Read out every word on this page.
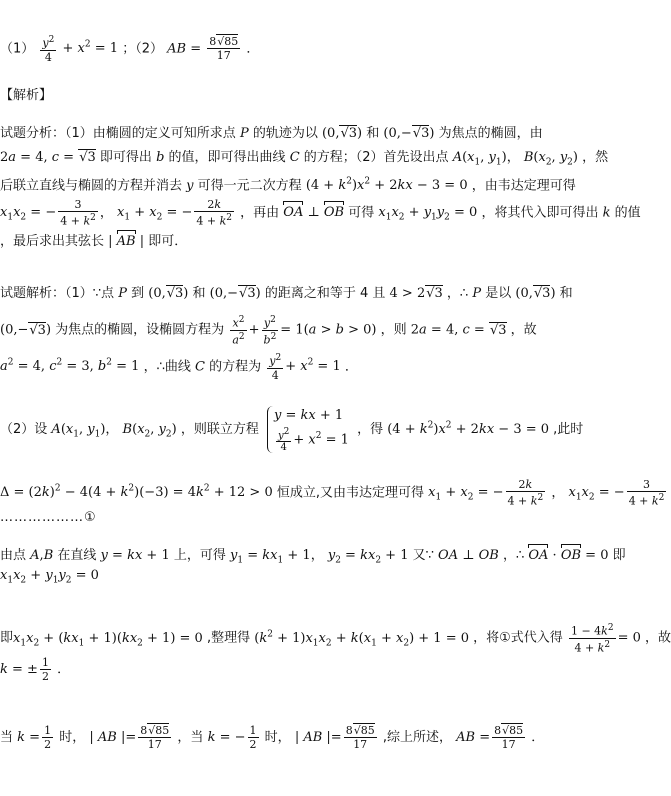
$(1) \frac{y^2}{4} + x^2 = 1$ ；（2） AB = $\frac{8√85}{17}$ ．
【解析】
试题分析：（1）由椭圆的定义可知所求点 P 的轨迹为以 (0,√3) 和 (0,−√3) 为焦点的椭圆，由
2a = 4, c = √3 即可得出 b 的值，即可得出曲线 C 的方程；（2）首先设出点 $A(x_1$, $y_1$)， $B(x_2$, $y_2$) ，然
后联立直线与椭圆的方程并消去 y 可得一元二次方程 $(4 + k^2)x^2 + 2kx - 3 = 0$ ，由韦达定理可得
$x_1x_2$ = − $\frac{3}{4 + k^2}$ ， $x_1 + x_2$ = − $\frac{2k}{4 + k^2}$ ，再由 OA ⊥ OB 可得 $x_1x_2 + y_1y_2 = 0$ ，将其代入即可得出 k 的值
，最后求出其弦长 | AB | 即可．
试题解析：（1）∵点 P 到 (0,√3) 和 (0,−√3) 的距离之和等于 4 且 4 > 2√3 ，∴ P 是以 (0,√3) 和
(0,−√3) 为焦点的椭圆，设椭圆方程为 $\frac{x^2}{a^2} + \frac{y^2}{b^2} = 1(a > b > 0)$ ，则 2a = 4, c = √3 ，故
$a^2 = 4$, $c^2 = 3$, $b^2 = 1$ ，∴曲线 C 的方程为 $\frac{y^2}{4} + x^2 = 1$ ．
（2）设 $A(x_1$, $y_1$)， $B(x_2$, $y_2$) ，则联立方程
y = kx + 1
$\frac{y^2}{4} + x^2 = 1$
，得 $(4 + k^2)x^2 + 2kx - 3 = 0$ ,此时
$\Delta = (2k)^2 - 4(4 + k^2)(-3) = 4k^2 + 12 > 0$ 恒成立,又由韦达定理可得 $x_1 + x_2$ = − $\frac{2k}{4 + k^2}$ ， $x_1x_2$ = − $\frac{3}{4 + k^2}$
………………①
由点 A,B 在直线 y = kx + 1 上，可得 $y_1 = kx_1 + 1$， $y_2 = kx_2 + 1$ 又∵ OA ⊥ OB ，∴ OA · OB = 0 即
$x_1x_2 + y_1y_2 = 0$
即$x_1x_2 + (kx_1 + 1)(kx_2 + 1) = 0$ ,整理得 $(k^2 + 1)x_1x_2 + k(x_1 + x_2) + 1 = 0$ ，将①式代入得 $\frac{1 - 4k^2}{4 + k^2} = 0$ ，故
k = ± $\frac{1}{2}$ ．
当 $k = \frac{1}{2}$ 时， | AB |= $\frac{8√85}{17}$ ，当 k = − $\frac{1}{2}$ 时， | AB |= $\frac{8√85}{17}$ ,综上所述， AB = $\frac{8√85}{17}$ ．
